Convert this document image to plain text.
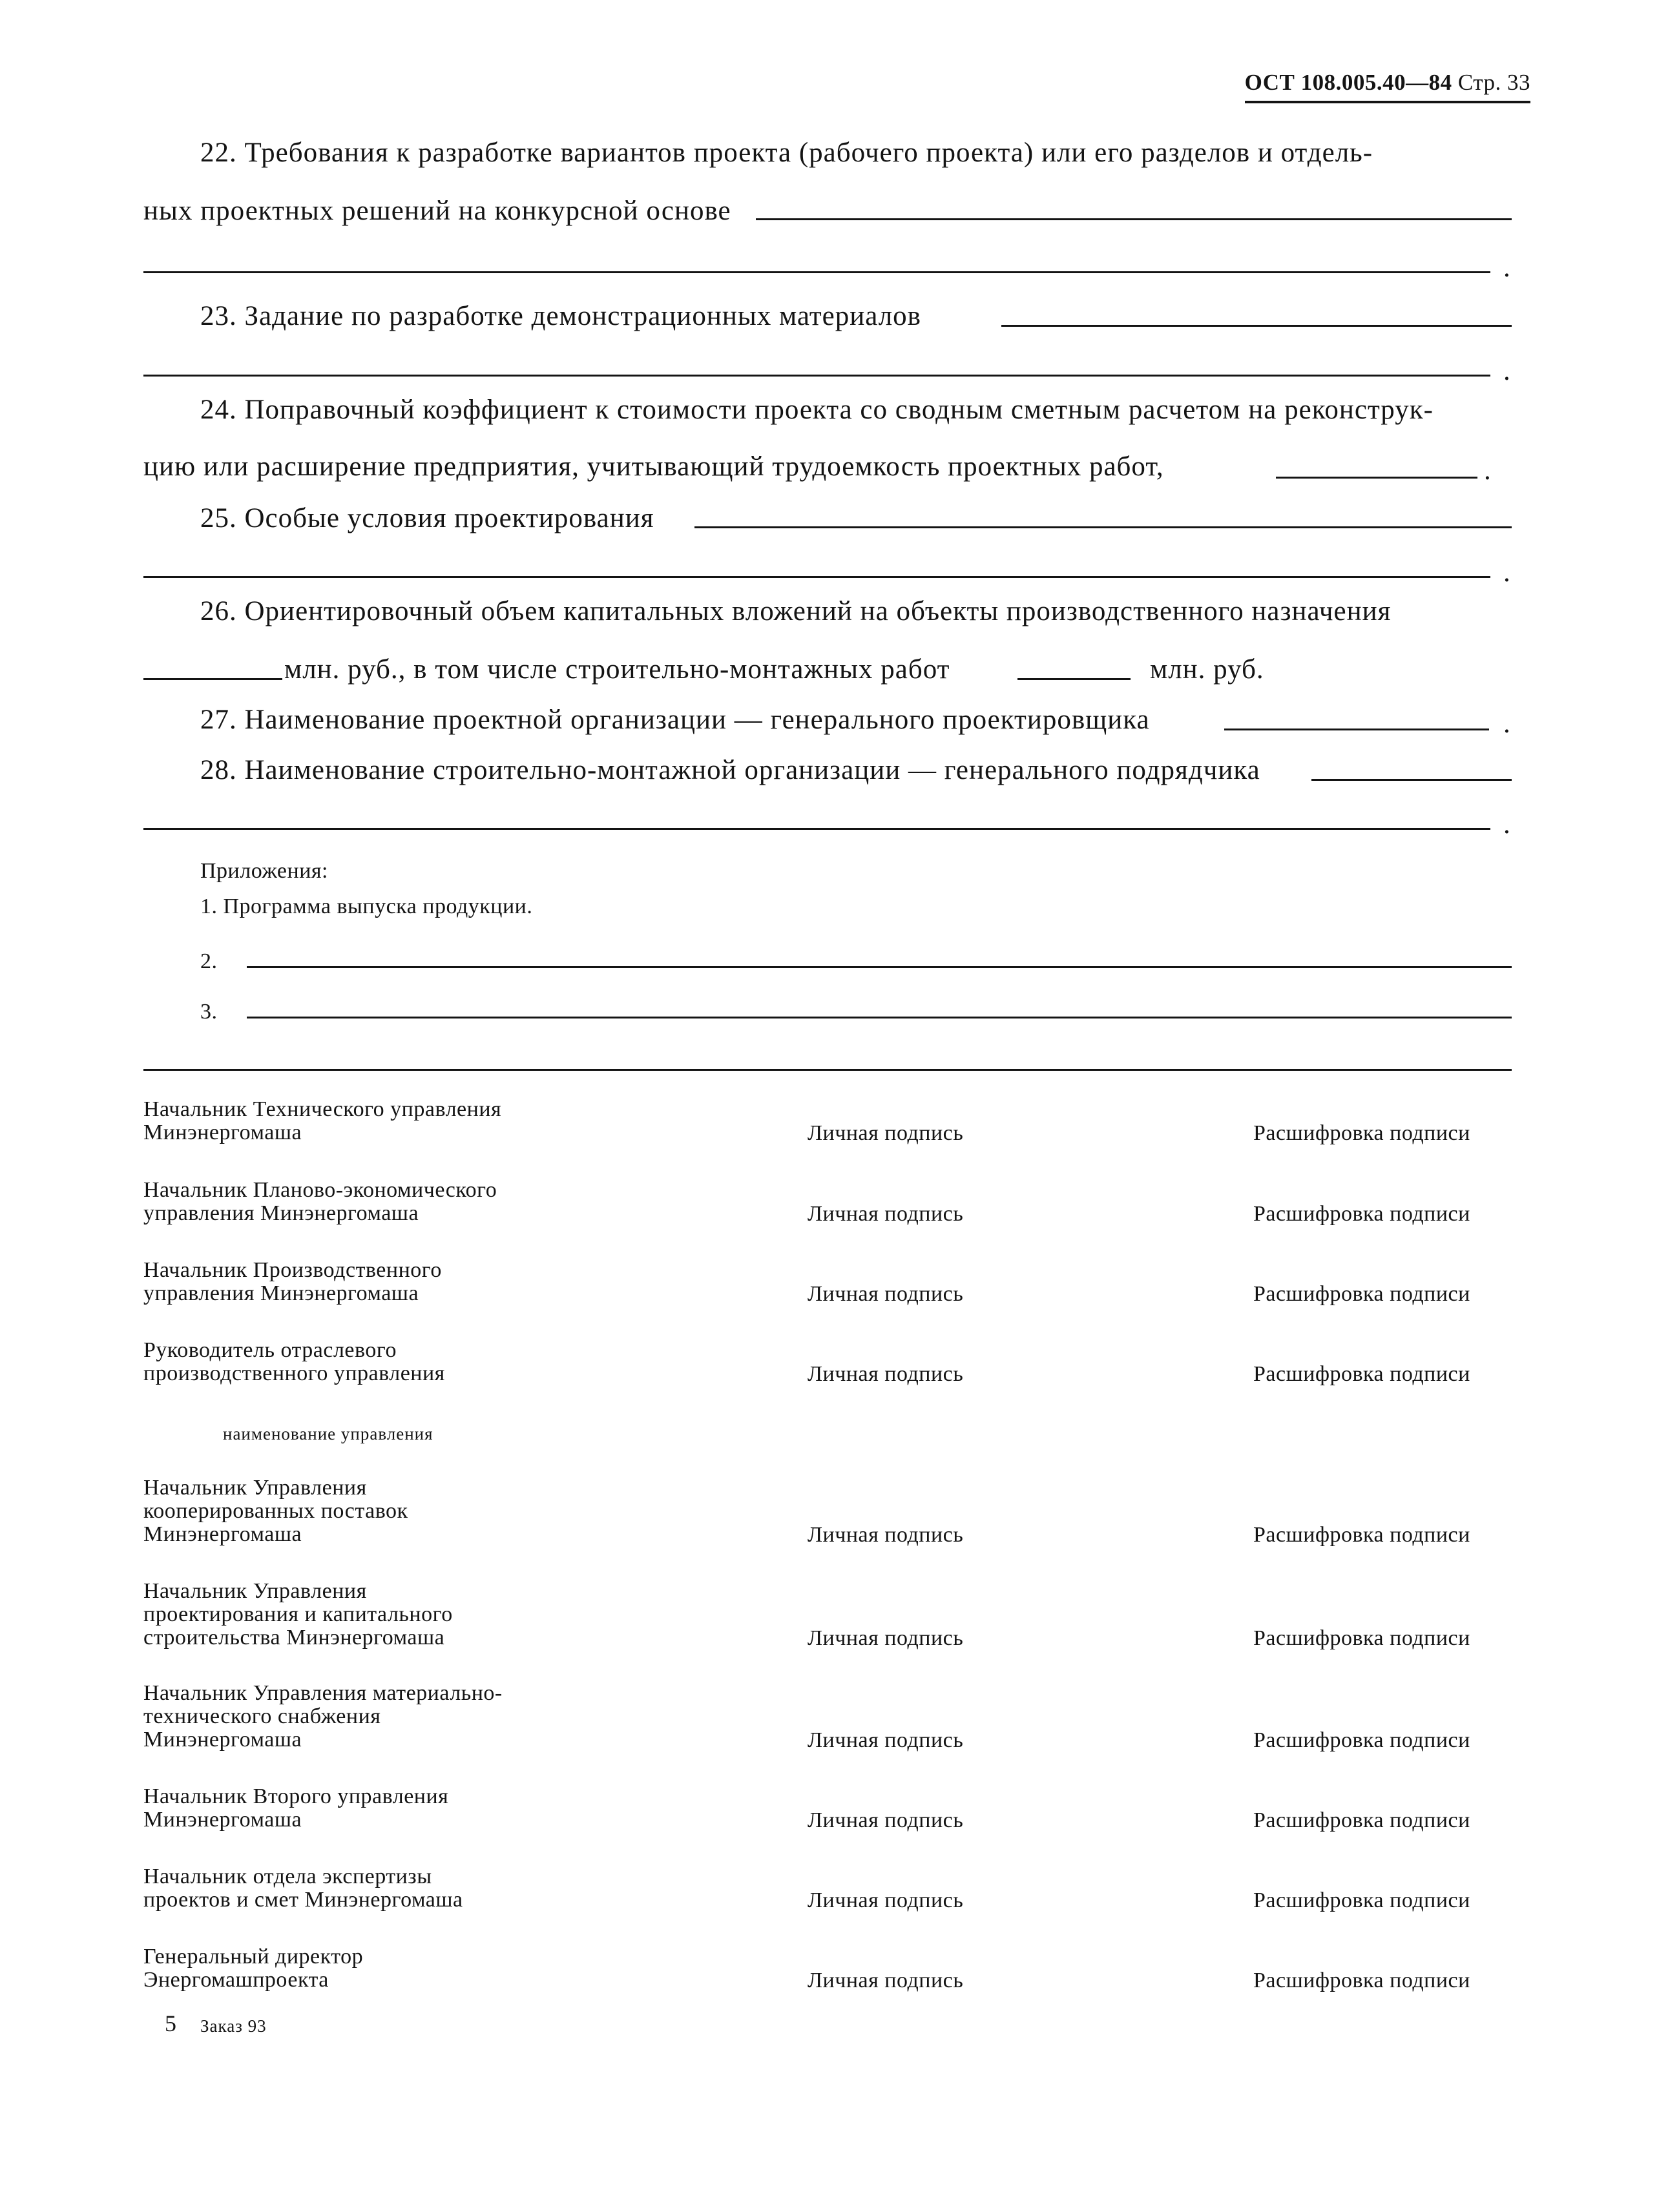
ОСТ 108.005.40—84 Стр. 33
22. Требования к разработке вариантов проекта (рабочего проекта) или его разделов и отдель-
ных проектных решений на конкурсной основе
.
23. Задание по разработке демонстрационных материалов
.
24. Поправочный коэффициент к стоимости проекта со сводным сметным расчетом на реконструк-
цию или расширение предприятия, учитывающий трудоемкость проектных работ,	.
25. Особые условия проектирования
.
26. Ориентировочный объем капитальных вложений на объекты производственного назначения
млн. руб., в том числе строительно-монтажных работ	млн. руб.
27. Наименование проектной организации — генерального проектировщика	.
28. Наименование строительно-монтажной организации — генерального подрядчика
.
Приложения:
1. Программа выпуска продукции.
2.
3.
Начальник Технического управления
Минэнергомаша	Личная подпись	Расшифровка подписи
Начальник Планово-экономического
управления Минэнергомаша	Личная подпись	Расшифровка подписи
Начальник Производственного
управления Минэнергомаша	Личная подпись	Расшифровка подписи
Руководитель отраслевого
производственного управления	Личная подпись	Расшифровка подписи
наименование управления
Начальник Управления
кооперированных поставок
Минэнергомаша	Личная подпись	Расшифровка подписи
Начальник Управления
проектирования и капитального
строительства Минэнергомаша	Личная подпись	Расшифровка подписи
Начальник Управления материально-
технического снабжения
Минэнергомаша	Личная подпись	Расшифровка подписи
Начальник Второго управления
Минэнергомаша	Личная подпись	Расшифровка подписи
Начальник отдела экспертизы
проектов и смет Минэнергомаша	Личная подпись	Расшифровка подписи
Генеральный директор
Энергомашпроекта	Личная подпись	Расшифровка подписи
5 Заказ 93
